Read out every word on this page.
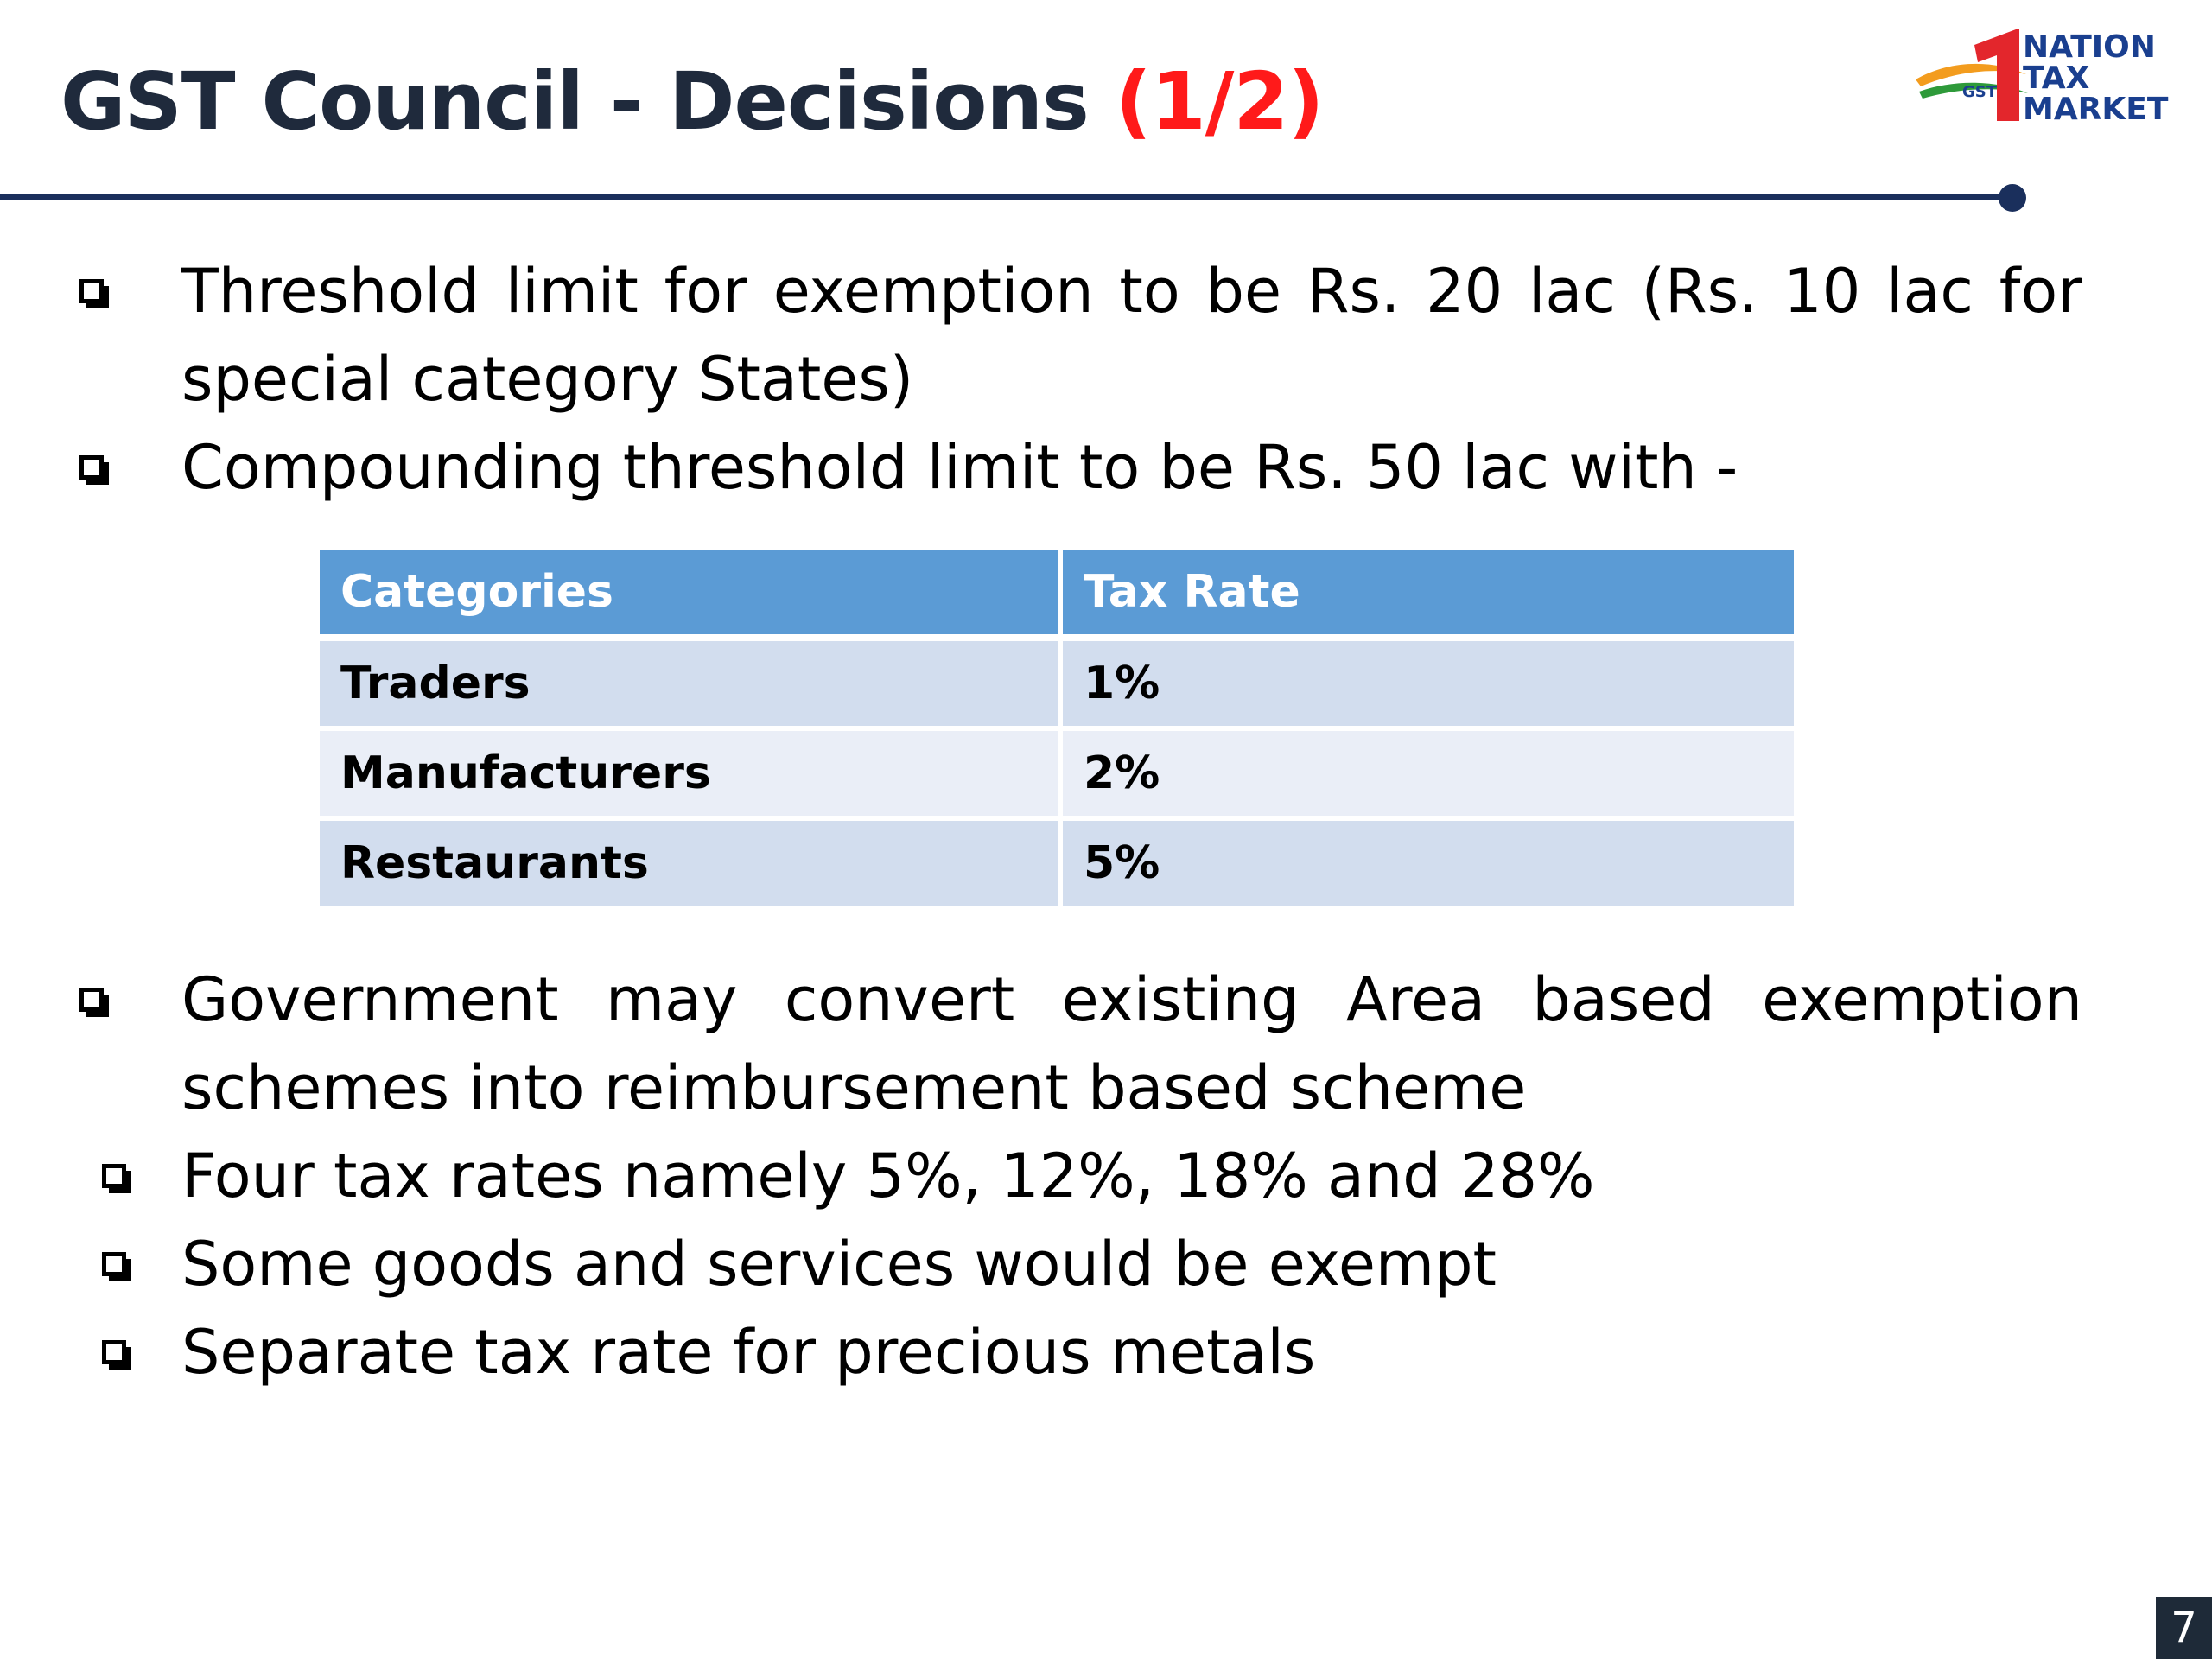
GST Council - Decisions (1/2)	GST
NATION
TAX
MARKET
Threshold limit for exemption to be Rs. 20 lac (Rs. 10 lac for
special category States)
Compounding threshold limit to be Rs. 50 lac with -
Categories	Tax Rate
Traders	1%
Manufacturers	2%
Restaurants	5%
Government may convert existing Area based exemption
schemes into reimbursement based scheme
Four tax rates namely 5%, 12%, 18% and 28%
Some goods and services would be exempt
Separate tax rate for precious metals
7
